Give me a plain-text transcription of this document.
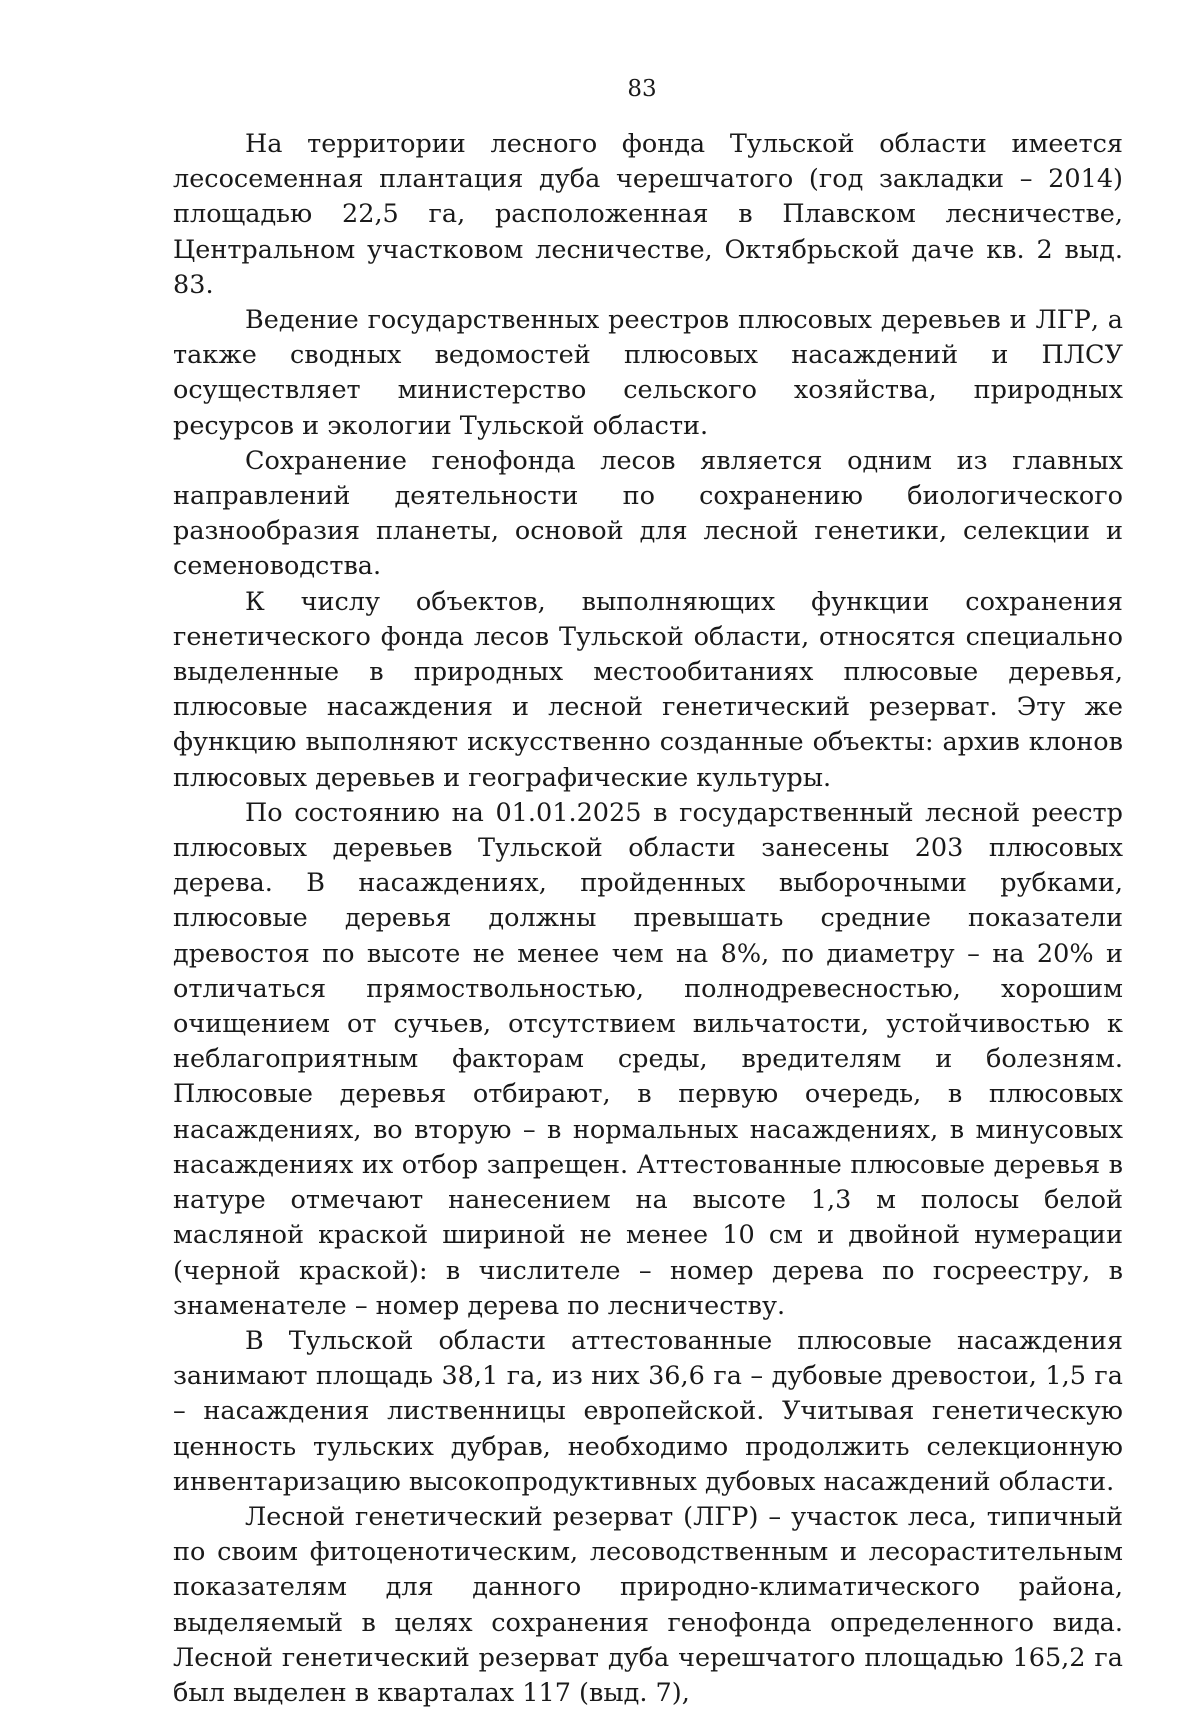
83

На территории лесного фонда Тульской области имеется лесосеменная плантация дуба черешчатого (год закладки – 2014) площадью 22,5 га, расположенная в Плавском лесничестве, Центральном участковом лесничестве, Октябрьской даче кв. 2 выд. 83.

Ведение государственных реестров плюсовых деревьев и ЛГР, а также сводных ведомостей плюсовых насаждений и ПЛСУ осуществляет министерство сельского хозяйства, природных ресурсов и экологии Тульской области.

Сохранение генофонда лесов является одним из главных направлений деятельности по сохранению биологического разнообразия планеты, основой для лесной генетики, селекции и семеноводства.

К числу объектов, выполняющих функции сохранения генетического фонда лесов Тульской области, относятся специально выделенные в природных местообитаниях плюсовые деревья, плюсовые насаждения и лесной генетический резерват. Эту же функцию выполняют искусственно созданные объекты: архив клонов плюсовых деревьев и географические культуры.

По состоянию на 01.01.2025 в государственный лесной реестр плюсовых деревьев Тульской области занесены 203 плюсовых дерева. В насаждениях, пройденных выборочными рубками, плюсовые деревья должны превышать средние показатели древостоя по высоте не менее чем на 8%, по диаметру – на 20% и отличаться прямоствольностью, полнодревесностью, хорошим очищением от сучьев, отсутствием вильчатости, устойчивостью к неблагоприятным факторам среды, вредителям и болезням. Плюсовые деревья отбирают, в первую очередь, в плюсовых насаждениях, во вторую – в нормальных насаждениях, в минусовых насаждениях их отбор запрещен. Аттестованные плюсовые деревья в натуре отмечают нанесением на высоте 1,3 м полосы белой масляной краской шириной не менее 10 см и двойной нумерации (черной краской): в числителе – номер дерева по госреестру, в знаменателе – номер дерева по лесничеству.

В Тульской области аттестованные плюсовые насаждения занимают площадь 38,1 га, из них 36,6 га – дубовые древостои, 1,5 га – насаждения лиственницы европейской. Учитывая генетическую ценность тульских дубрав, необходимо продолжить селекционную инвентаризацию высокопродуктивных дубовых насаждений области.

Лесной генетический резерват (ЛГР) – участок леса, типичный по своим фитоценотическим, лесоводственным и лесорастительным показателям для данного природно-климатического района, выделяемый в целях сохранения генофонда определенного вида. Лесной генетический резерват дуба черешчатого площадью 165,2 га был выделен в кварталах 117 (выд. 7),
